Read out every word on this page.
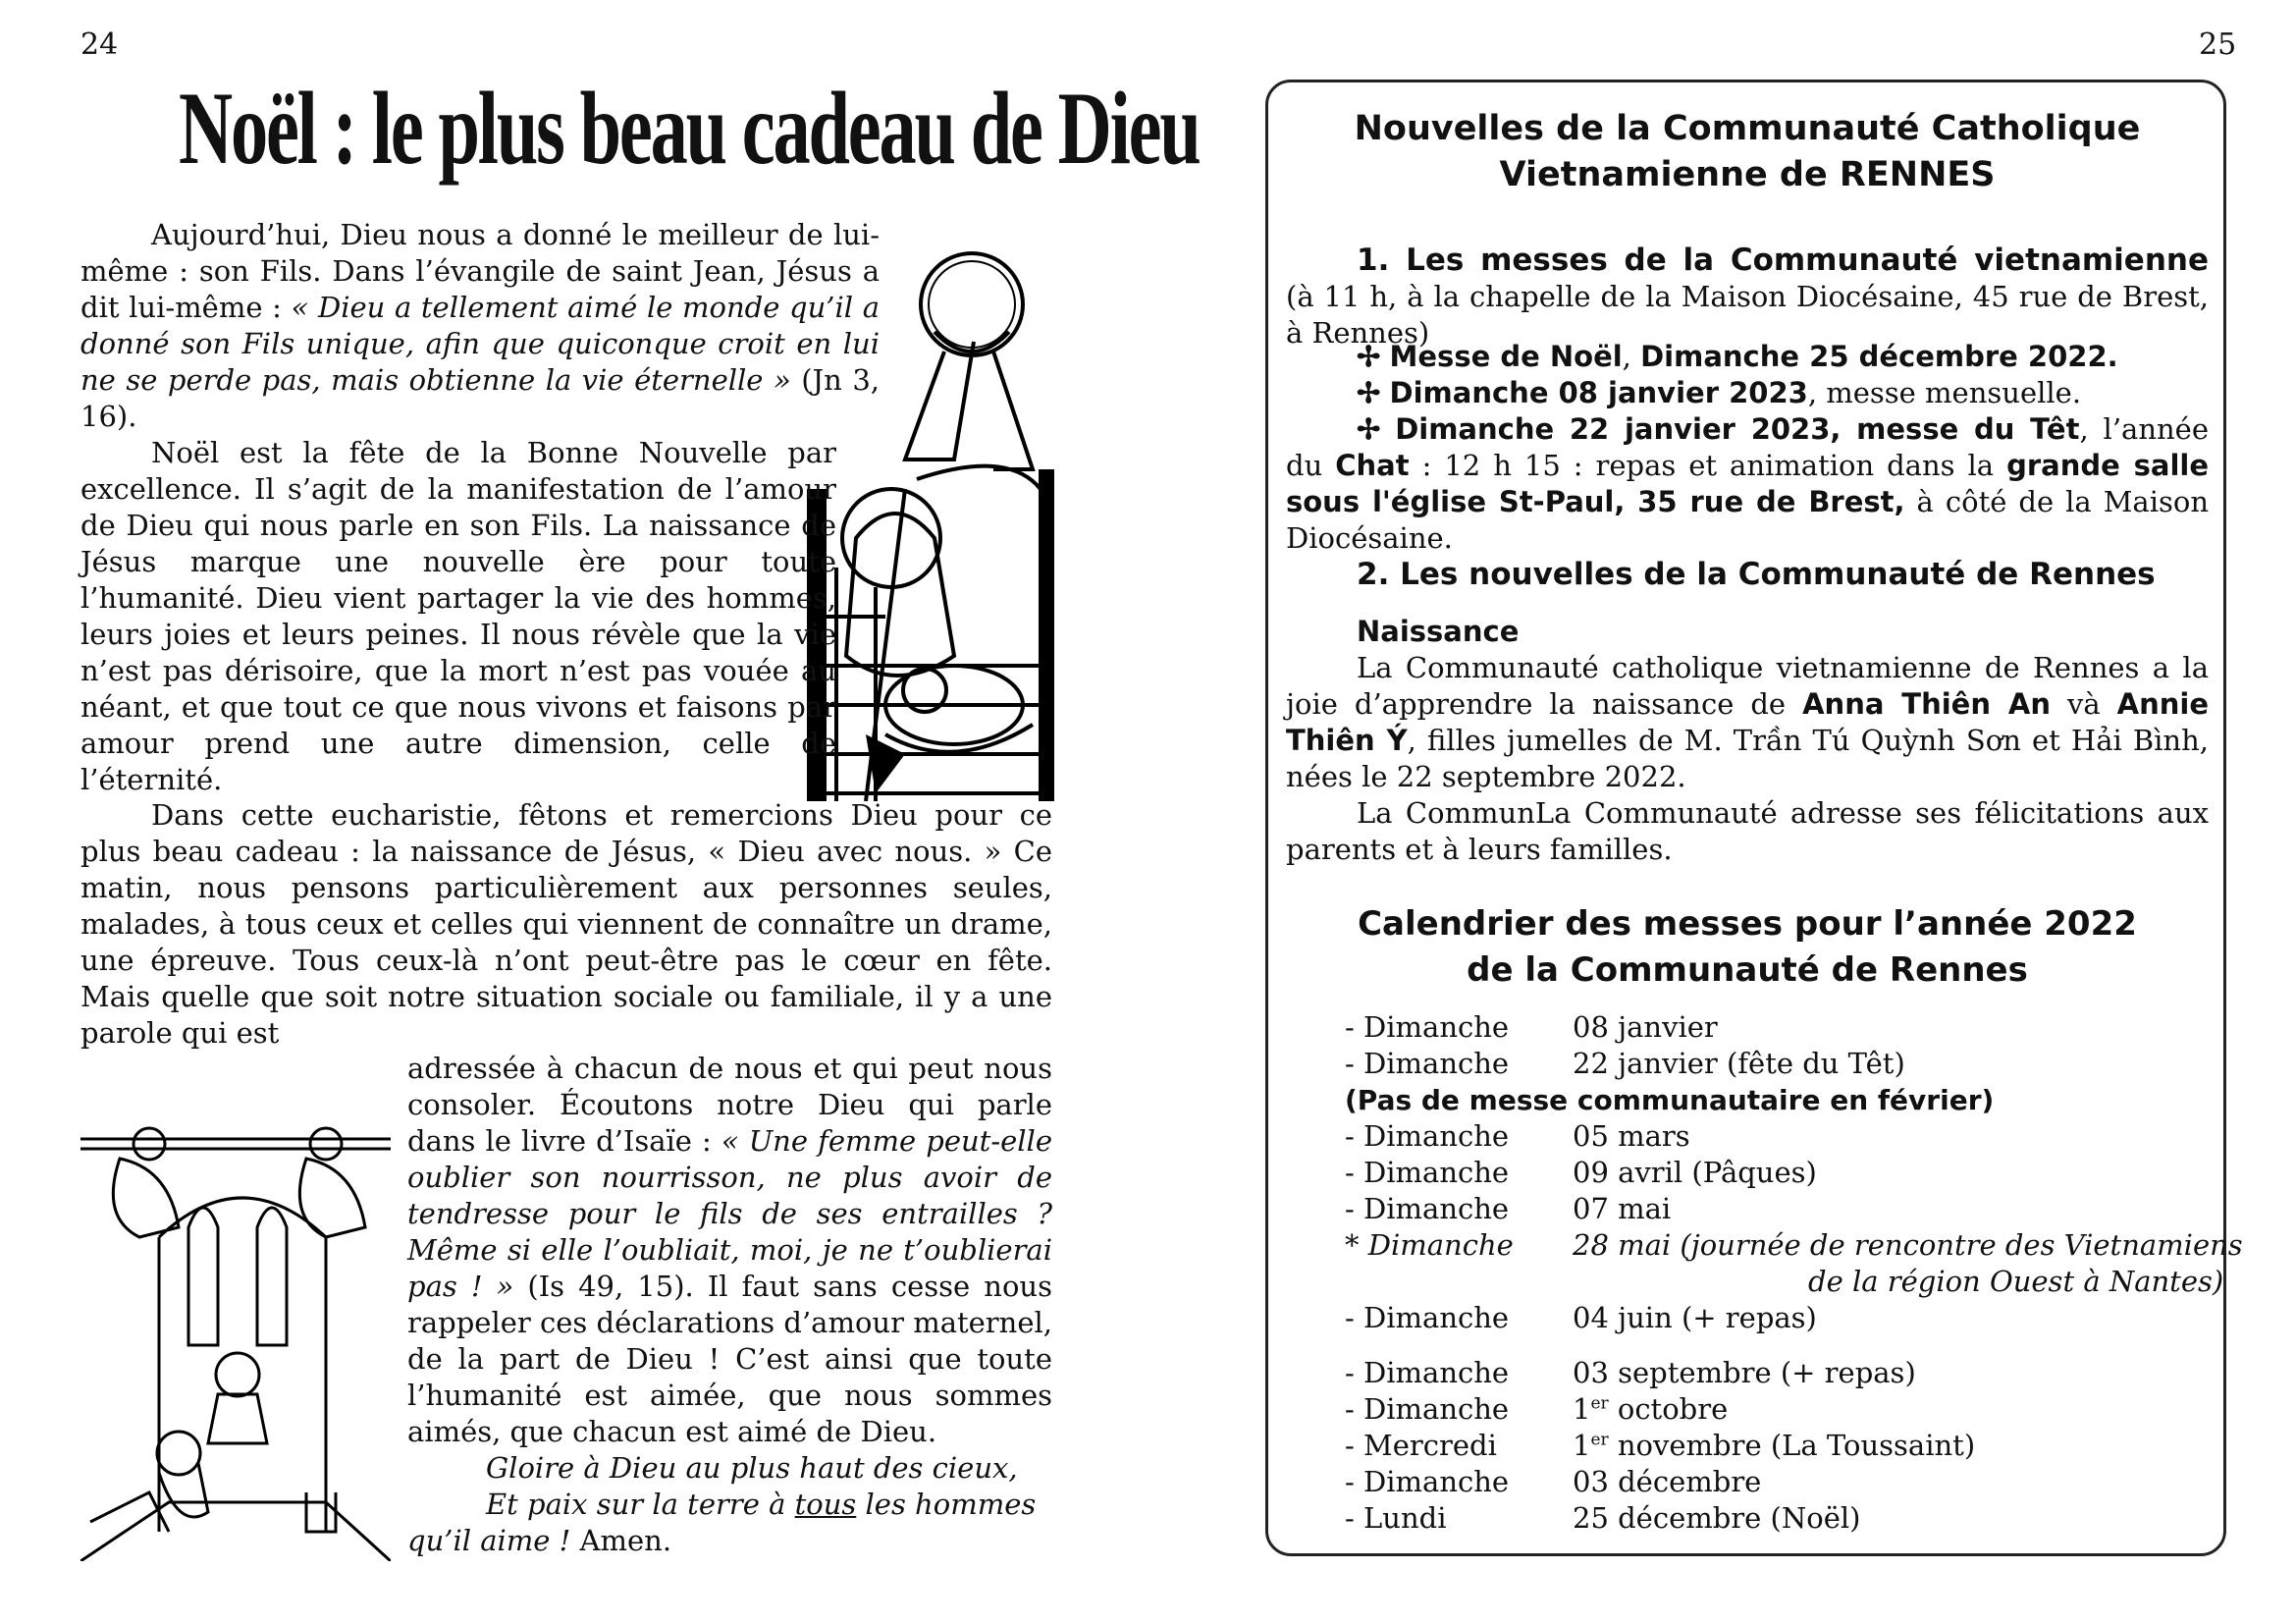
24	25
Noël : le plus beau cadeau de Dieu

Aujourd’hui, Dieu nous a donné le meilleur de lui-même : son Fils. Dans l’évangile de saint Jean, Jésus a dit lui-même : « Dieu a tellement aimé le monde qu’il a donné son Fils unique, afin que quiconque croit en lui ne se perde pas, mais obtienne la vie éternelle » (Jn 3, 16).

Noël est la fête de la Bonne Nouvelle par excellence. Il s’agit de la manifestation de l’amour de Dieu qui nous parle en son Fils. La naissance de Jésus marque une nouvelle ère pour toute l’humanité. Dieu vient partager la vie des hommes, leurs joies et leurs peines. Il nous révèle que la vie n’est pas dérisoire, que la mort n’est pas vouée au néant, et que tout ce que nous vivons et faisons par amour prend une autre dimension, celle de l’éternité.

Dans cette eucharistie, fêtons et remercions Dieu pour ce plus beau cadeau : la naissance de Jésus, « Dieu avec nous. » Ce matin, nous pensons particulièrement aux personnes seules, malades, à tous ceux et celles qui viennent de connaître un drame, une épreuve. Tous ceux-là n’ont peut-être pas le cœur en fête. Mais quelle que soit notre situation sociale ou familiale, il y a une parole qui est

adressée à chacun de nous et qui peut nous consoler. Écoutons notre Dieu qui parle dans le livre d’Isaïe : « Une femme peut-elle oublier son nourrisson, ne plus avoir de tendresse pour le fils de ses entrailles ? Même si elle l’oubliait, moi, je ne t’oublierai pas ! » (Is 49, 15). Il faut sans cesse nous rappeler ces déclarations d’amour maternel, de la part de Dieu ! C’est ainsi que toute l’humanité est aimée, que nous sommes aimés, que chacun est aimé de Dieu.

Gloire à Dieu au plus haut des cieux,
Et paix sur la terre à tous les hommes
qu’il aime ! Amen.
Nouvelles de la Communauté Catholique
Vietnamienne de RENNES
1. Les messes de la Communauté vietnamienne (à 11 h, à la chapelle de la Maison Diocésaine, 45 rue de Brest, à Rennes)
✢ Messe de Noël, Dimanche 25 décembre 2022.
✢ Dimanche 08 janvier 2023, messe mensuelle.
✢ Dimanche 22 janvier 2023, messe du Têt, l’année du Chat : 12 h 15 : repas et animation dans la grande salle sous l'église St-Paul, 35 rue de Brest, à côté de la Maison Diocésaine.
2. Les nouvelles de la Communauté de Rennes
Naissance
La Communauté catholique vietnamienne de Rennes a la joie d’apprendre la naissance de Anna Thiên An và Annie Thiên Ý, filles jumelles de M. Trần Tú Quỳnh Sơn et Hải Bình, nées le 22 septembre 2022.
La CommunLa Communauté adresse ses félicitations aux parents et à leurs familles.
Calendrier des messes pour l’année 2022
de la Communauté de Rennes
- Dimanche 08 janvier
- Dimanche 22 janvier (fête du Têt)
(Pas de messe communautaire en février)
- Dimanche 05 mars
- Dimanche 09 avril (Pâques)
- Dimanche 07 mai
* Dimanche 28 mai (journée de rencontre des Vietnamiens
de la région Ouest à Nantes)
- Dimanche 04 juin (+ repas)
- Dimanche 03 septembre (+ repas)
- Dimanche 1er octobre
- Mercredi	1er novembre (La Toussaint)
- Dimanche 03 décembre
- Lundi	25 décembre (Noël)
